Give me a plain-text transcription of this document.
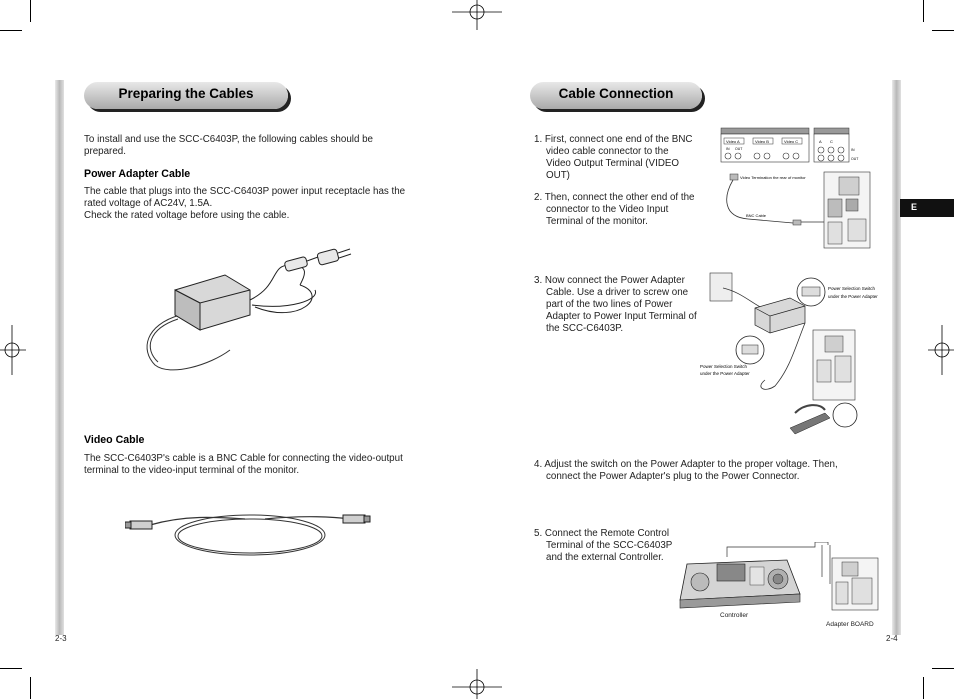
Preparing the Cables
To install and use the SCC-C6403P, the following cables should be prepared.
Power Adapter Cable
The cable that plugs into the SCC-C6403P power input receptacle has the rated voltage of AC24V, 1.5A.
Check the rated voltage before using the cable.
Video Cable
The SCC-C6403P's cable is a BNC Cable for connecting the video-output terminal to the video-input terminal of the monitor.
2-3
Cable Connection
1. First, connect one end of the BNC video cable connector to the Video Output Terminal (VIDEO OUT)
2. Then, connect the other end of the connector to the Video Input Terminal of the monitor.
3. Now connect the Power Adapter Cable. Use a driver to screw one part of the two lines of Power Adapter to Power Input Terminal of the SCC-C6403P.
4. Adjust the switch on the Power Adapter to the proper voltage. Then, connect the Power Adapter's plug to the Power Connector.
5. Connect the Remote Control Terminal of the SCC-C6403P and the external Controller.
Video A	Video B	Video C
IN OUT
A C
IN
OUT
Video Termination the rear of monitor
BNC Cable
Power Selection Switch
under the Power Adapter
Power Selection Switch
under the Power Adapter
Controller
Adapter BOARD
E
2-4
